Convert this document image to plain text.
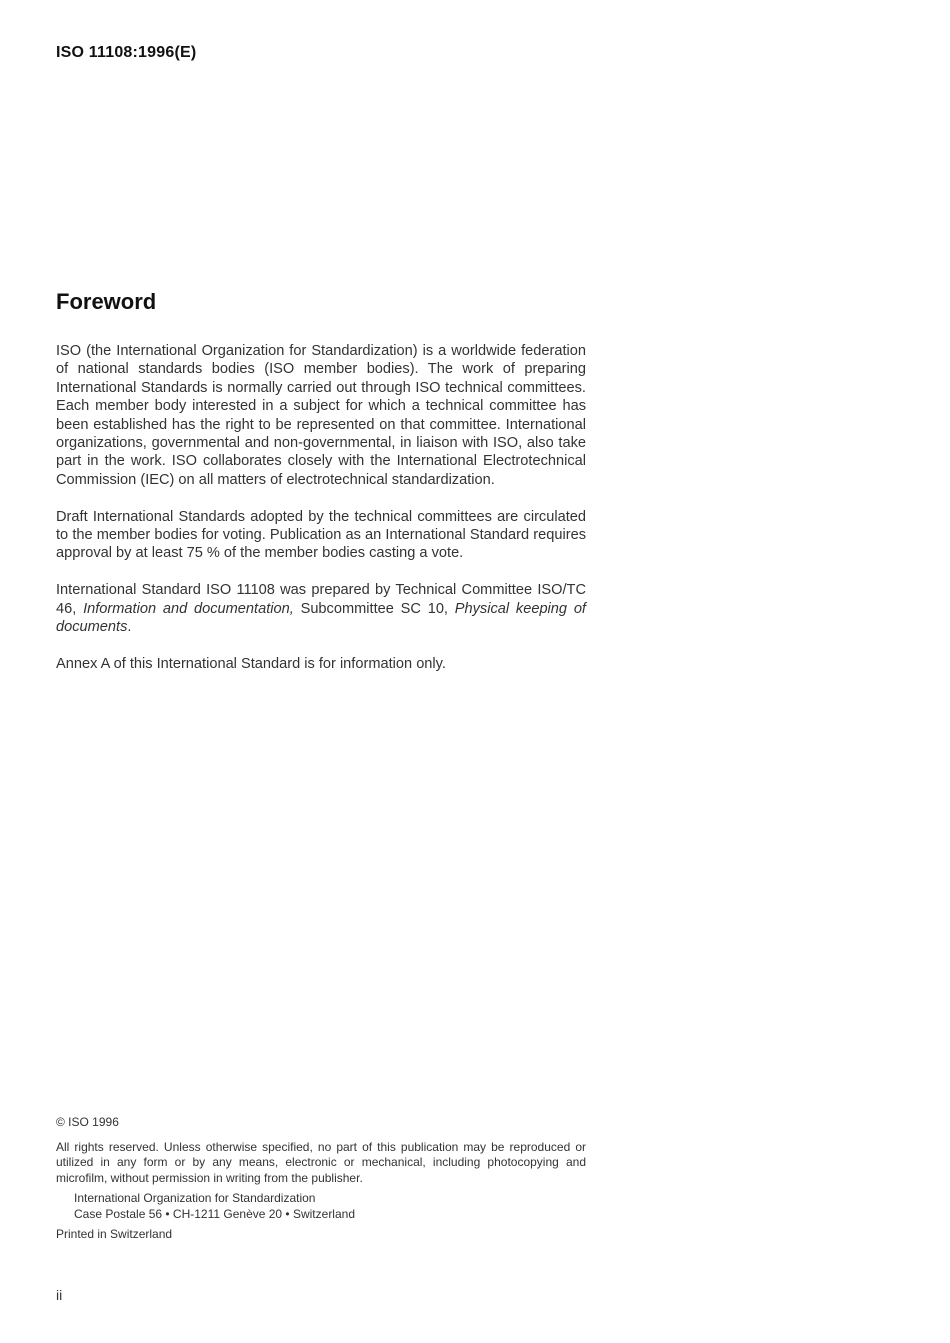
ISO 11108:1996(E)
Foreword

ISO (the International Organization for Standardization) is a worldwide federation of national standards bodies (ISO member bodies). The work of preparing International Standards is normally carried out through ISO technical committees. Each member body interested in a subject for which a technical committee has been established has the right to be represented on that committee. International organizations, governmental and non-governmental, in liaison with ISO, also take part in the work. ISO collaborates closely with the International Electrotechnical Commission (IEC) on all matters of electrotechnical standardization.

Draft International Standards adopted by the technical committees are circulated to the member bodies for voting. Publication as an International Standard requires approval by at least 75 % of the member bodies casting a vote.

International Standard ISO 11108 was prepared by Technical Committee ISO/TC 46, Information and documentation, Subcommittee SC 10, Physical keeping of documents.

Annex A of this International Standard is for information only.

© ISO 1996
All rights reserved. Unless otherwise specified, no part of this publication may be reproduced or utilized in any form or by any means, electronic or mechanical, including photocopying and microfilm, without permission in writing from the publisher.
International Organization for Standardization
Case Postale 56 • CH-1211 Genève 20 • Switzerland
Printed in Switzerland
ii
